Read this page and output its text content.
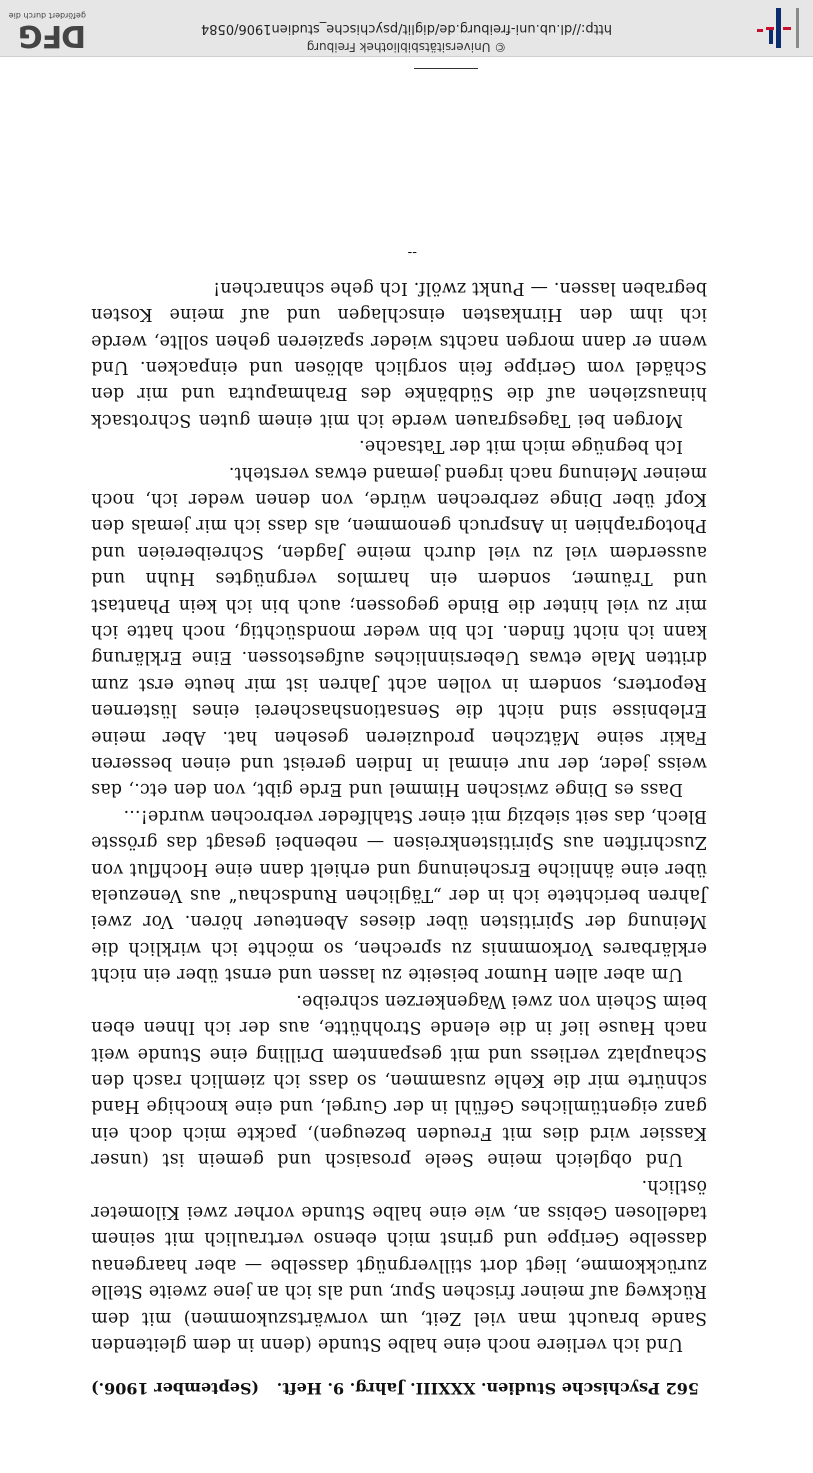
562 Psychische Studien. XXXIII. Jahrg. 9. Heft.
(September 1906.)

Und ich verliere noch eine halbe Stunde (denn in dem gleitenden Sande braucht man viel Zeit, um vorwärtszukommen) mit dem Rückweg auf meiner frischen Spur, und als ich an jene zweite Stelle zurückkomme, liegt dort stillvergnügt dasselbe — aber haargenau dasselbe Gerippe und grinst mich ebenso vertraulich mit seinem tadellosen Gebiss an, wie eine halbe Stunde vorher zwei Kilometer östlich.

Und obgleich meine Seele prosaisch und gemein ist (unser Kassier wird dies mit Freuden bezeugen), packte mich doch ein ganz eigentümliches Gefühl in der Gurgel, und eine knochige Hand schnürte mir die Kehle zusammen, so dass ich ziemlich rasch den Schauplatz verliess und mit gespanntem Drilling eine Stunde weit nach Hause lief in die elende Strohhütte, aus der ich Ihnen eben beim Schein von zwei Wagenkerzen schreibe.

Um aber allen Humor beiseite zu lassen und ernst über ein nicht erklärbares Vorkommnis zu sprechen, so möchte ich wirklich die Meinung der Spiritisten über dieses Abenteuer hören. Vor zwei Jahren berichtete ich in der „Täglichen Rundschau“ aus Venezuela über eine ähnliche Erscheinung und erhielt dann eine Hochflut von Zuschriften aus Spiritistenkreisen — nebenbei gesagt das grösste Blech, das seit siebzig mit einer Stahlfeder verbrochen wurde!...

Dass es Dinge zwischen Himmel und Erde gibt, von den etc., das weiss jeder, der nur einmal in Indien gereist und einen besseren Fakir seine Mätzchen produzieren gesehen hat. Aber meine Erlebnisse sind nicht die Sensationshascherei eines lüsternen Reporters, sondern in vollen acht Jahren ist mir heute erst zum dritten Male etwas Uebersinnliches aufgestossen. Eine Erklärung kann ich nicht finden. Ich bin weder mondsüchtig, noch hatte ich mir zu viel hinter die Binde gegossen; auch bin ich kein Phantast und Träumer, sondern ein harmlos vergnügtes Huhn und ausserdem viel zu viel durch meine Jagden, Schreibereien und Photographien in Anspruch genommen, als dass ich mir jemals den Kopf über Dinge zerbrechen würde, von denen weder ich, noch meiner Meinung nach irgend jemand etwas versteht.

Ich begnüge mich mit der Tatsache.

Morgen bei Tagesgrauen werde ich mit einem guten Schrotsack hinausziehen auf die Südbänke des Brahmaputra und mir den Schädel vom Gerippe fein sorglich ablösen und einpacken. Und wenn er dann morgen nachts wieder spazieren gehen sollte, werde ich ihm den Hirnkasten einschlagen und auf meine Kosten begraben lassen. — Punkt zwölf. Ich gehe schnarchen!

--
http://dl.ub.uni-freiburg.de/diglit/psychische_studien1906/0584
© Universitätsbibliothek Freiburg
DFG
gefördert durch die
